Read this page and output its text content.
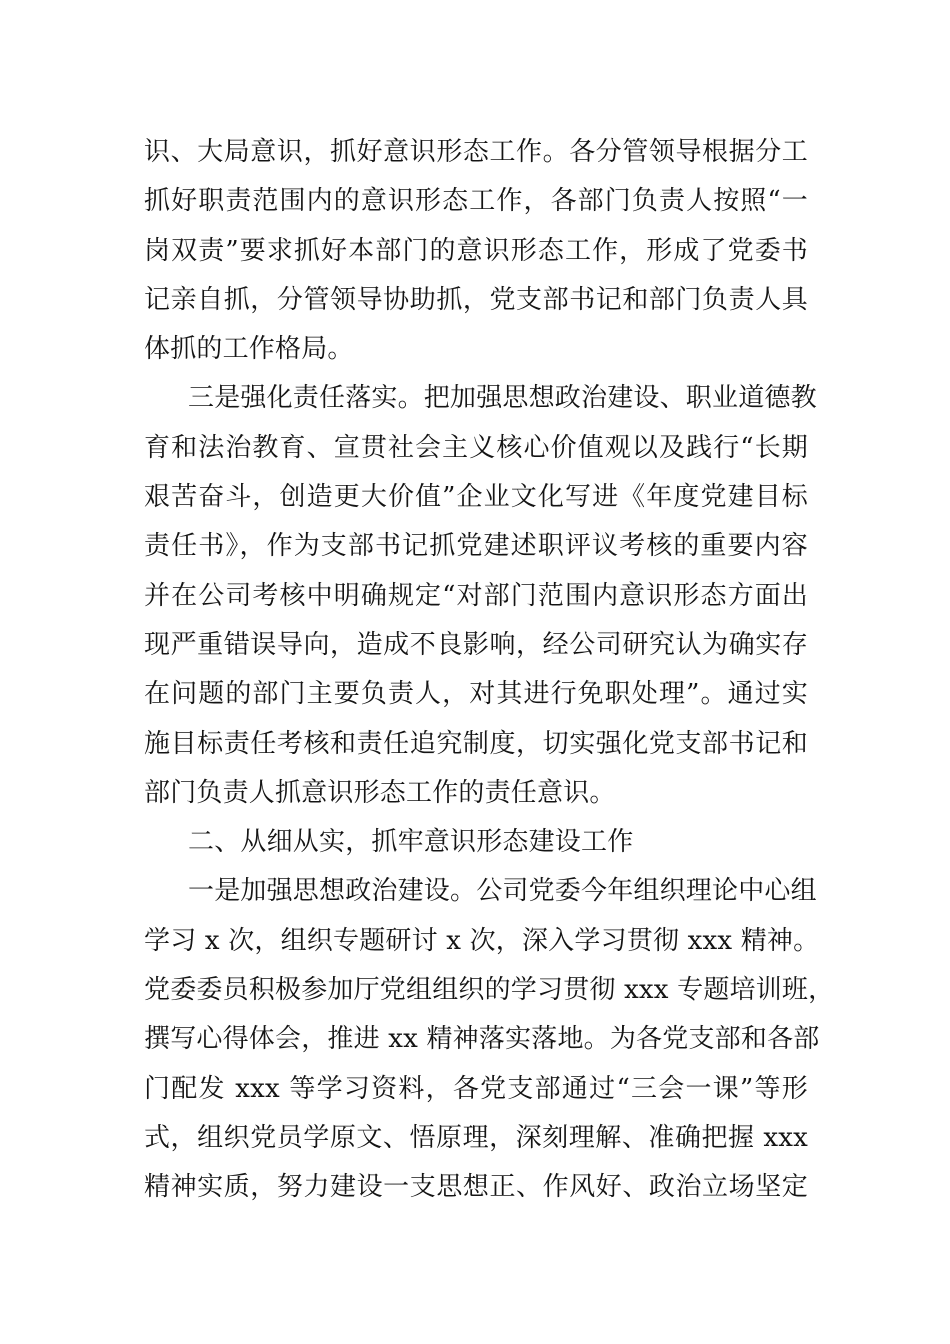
识、大局意识，抓好意识形态工作。各分管领导根据分工
抓好职责范围内的意识形态工作，各部门负责人按照“一
岗双责”要求抓好本部门的意识形态工作，形成了党委书
记亲自抓，分管领导协助抓，党支部书记和部门负责人具
体抓的工作格局。
三是强化责任落实。把加强思想政治建设、职业道德教
育和法治教育、宣贯社会主义核心价值观以及践行“长期
艰苦奋斗，创造更大价值”企业文化写进《年度党建目标
责任书》，作为支部书记抓党建述职评议考核的重要内容
并在公司考核中明确规定“对部门范围内意识形态方面出
现严重错误导向，造成不良影响，经公司研究认为确实存
在问题的部门主要负责人，对其进行免职处理”。通过实
施目标责任考核和责任追究制度，切实强化党支部书记和
部门负责人抓意识形态工作的责任意识。
二、从细从实，抓牢意识形态建设工作
一是加强思想政治建设。公司党委今年组织理论中心组
学习 x 次，组织专题研讨 x 次，深入学习贯彻 xxx 精神。
党委委员积极参加厅党组组织的学习贯彻 xxx 专题培训班，
撰写心得体会，推进 xx 精神落实落地。为各党支部和各部
门配发 xxx 等学习资料，各党支部通过“三会一课”等形
式，组织党员学原文、悟原理，深刻理解、准确把握 xxx
精神实质，努力建设一支思想正、作风好、政治立场坚定
